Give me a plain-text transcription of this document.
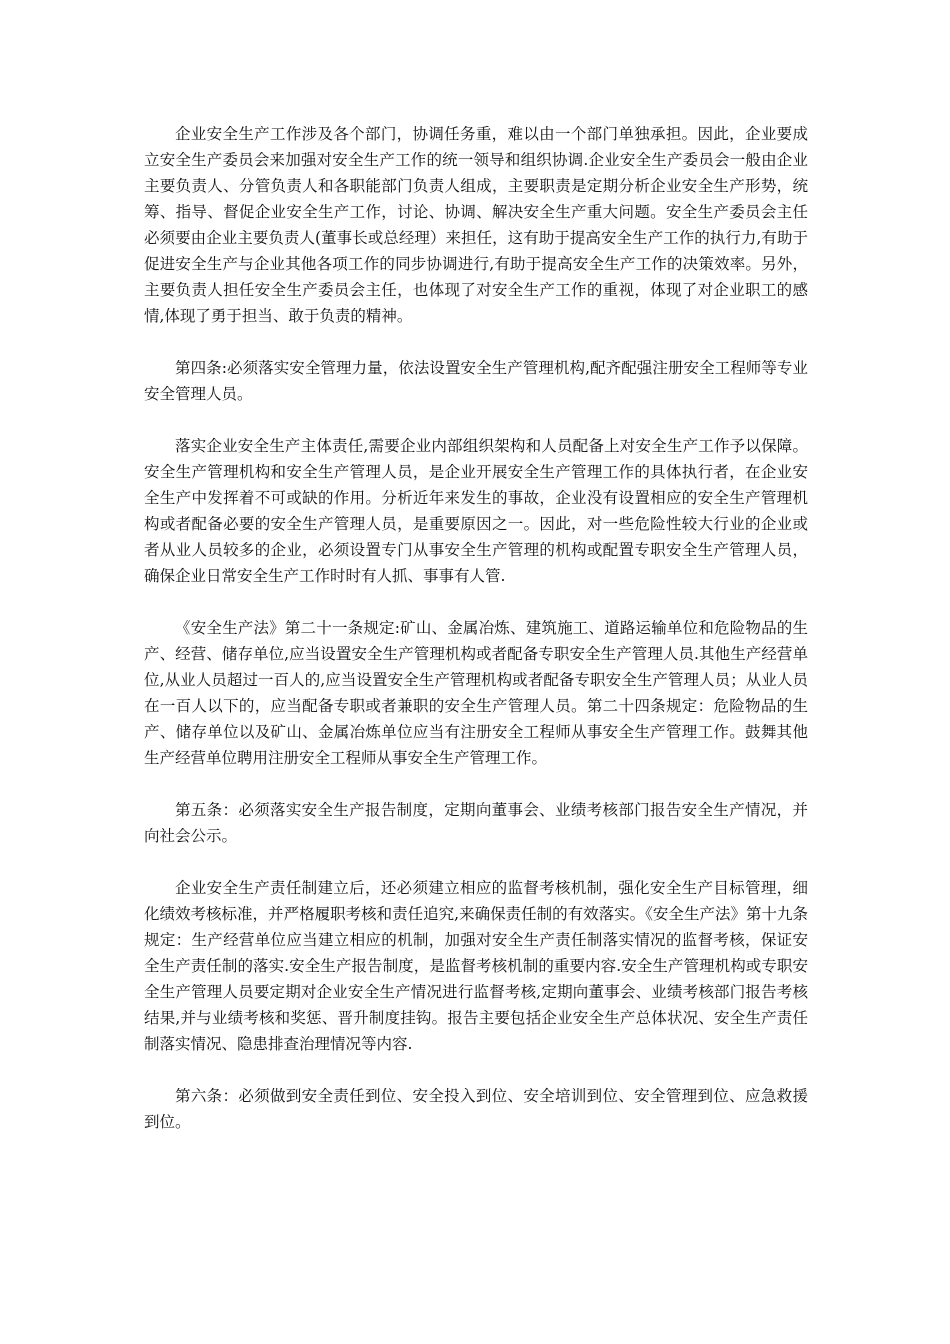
企业安全生产工作涉及各个部门，协调任务重，难以由一个部门单独承担。因此，企业要成立安全生产委员会来加强对安全生产工作的统一领导和组织协调.企业安全生产委员会一般由企业主要负责人、分管负责人和各职能部门负责人组成，主要职责是定期分析企业安全生产形势，统筹、指导、督促企业安全生产工作，讨论、协调、解决安全生产重大问题。安全生产委员会主任必须要由企业主要负责人(董事长或总经理）来担任，这有助于提高安全生产工作的执行力,有助于促进安全生产与企业其他各项工作的同步协调进行,有助于提高安全生产工作的决策效率。另外，主要负责人担任安全生产委员会主任，也体现了对安全生产工作的重视，体现了对企业职工的感情,体现了勇于担当、敢于负责的精神。

第四条:必须落实安全管理力量，依法设置安全生产管理机构,配齐配强注册安全工程师等专业安全管理人员。

落实企业安全生产主体责任,需要企业内部组织架构和人员配备上对安全生产工作予以保障。安全生产管理机构和安全生产管理人员，是企业开展安全生产管理工作的具体执行者，在企业安全生产中发挥着不可或缺的作用。分析近年来发生的事故，企业没有设置相应的安全生产管理机构或者配备必要的安全生产管理人员，是重要原因之一。因此，对一些危险性较大行业的企业或者从业人员较多的企业，必须设置专门从事安全生产管理的机构或配置专职安全生产管理人员，确保企业日常安全生产工作时时有人抓、事事有人管.

《安全生产法》第二十一条规定:矿山、金属冶炼、建筑施工、道路运输单位和危险物品的生产、经营、储存单位,应当设置安全生产管理机构或者配备专职安全生产管理人员.其他生产经营单位,从业人员超过一百人的,应当设置安全生产管理机构或者配备专职安全生产管理人员；从业人员在一百人以下的，应当配备专职或者兼职的安全生产管理人员。第二十四条规定：危险物品的生产、储存单位以及矿山、金属冶炼单位应当有注册安全工程师从事安全生产管理工作。鼓舞其他生产经营单位聘用注册安全工程师从事安全生产管理工作。

第五条：必须落实安全生产报告制度，定期向董事会、业绩考核部门报告安全生产情况，并向社会公示。

企业安全生产责任制建立后，还必须建立相应的监督考核机制，强化安全生产目标管理，细化绩效考核标准，并严格履职考核和责任追究,来确保责任制的有效落实。《安全生产法》第十九条规定：生产经营单位应当建立相应的机制，加强对安全生产责任制落实情况的监督考核，保证安全生产责任制的落实.安全生产报告制度，是监督考核机制的重要内容.安全生产管理机构或专职安全生产管理人员要定期对企业安全生产情况进行监督考核,定期向董事会、业绩考核部门报告考核结果,并与业绩考核和奖惩、晋升制度挂钩。报告主要包括企业安全生产总体状况、安全生产责任制落实情况、隐患排查治理情况等内容.

第六条：必须做到安全责任到位、安全投入到位、安全培训到位、安全管理到位、应急救援到位。
